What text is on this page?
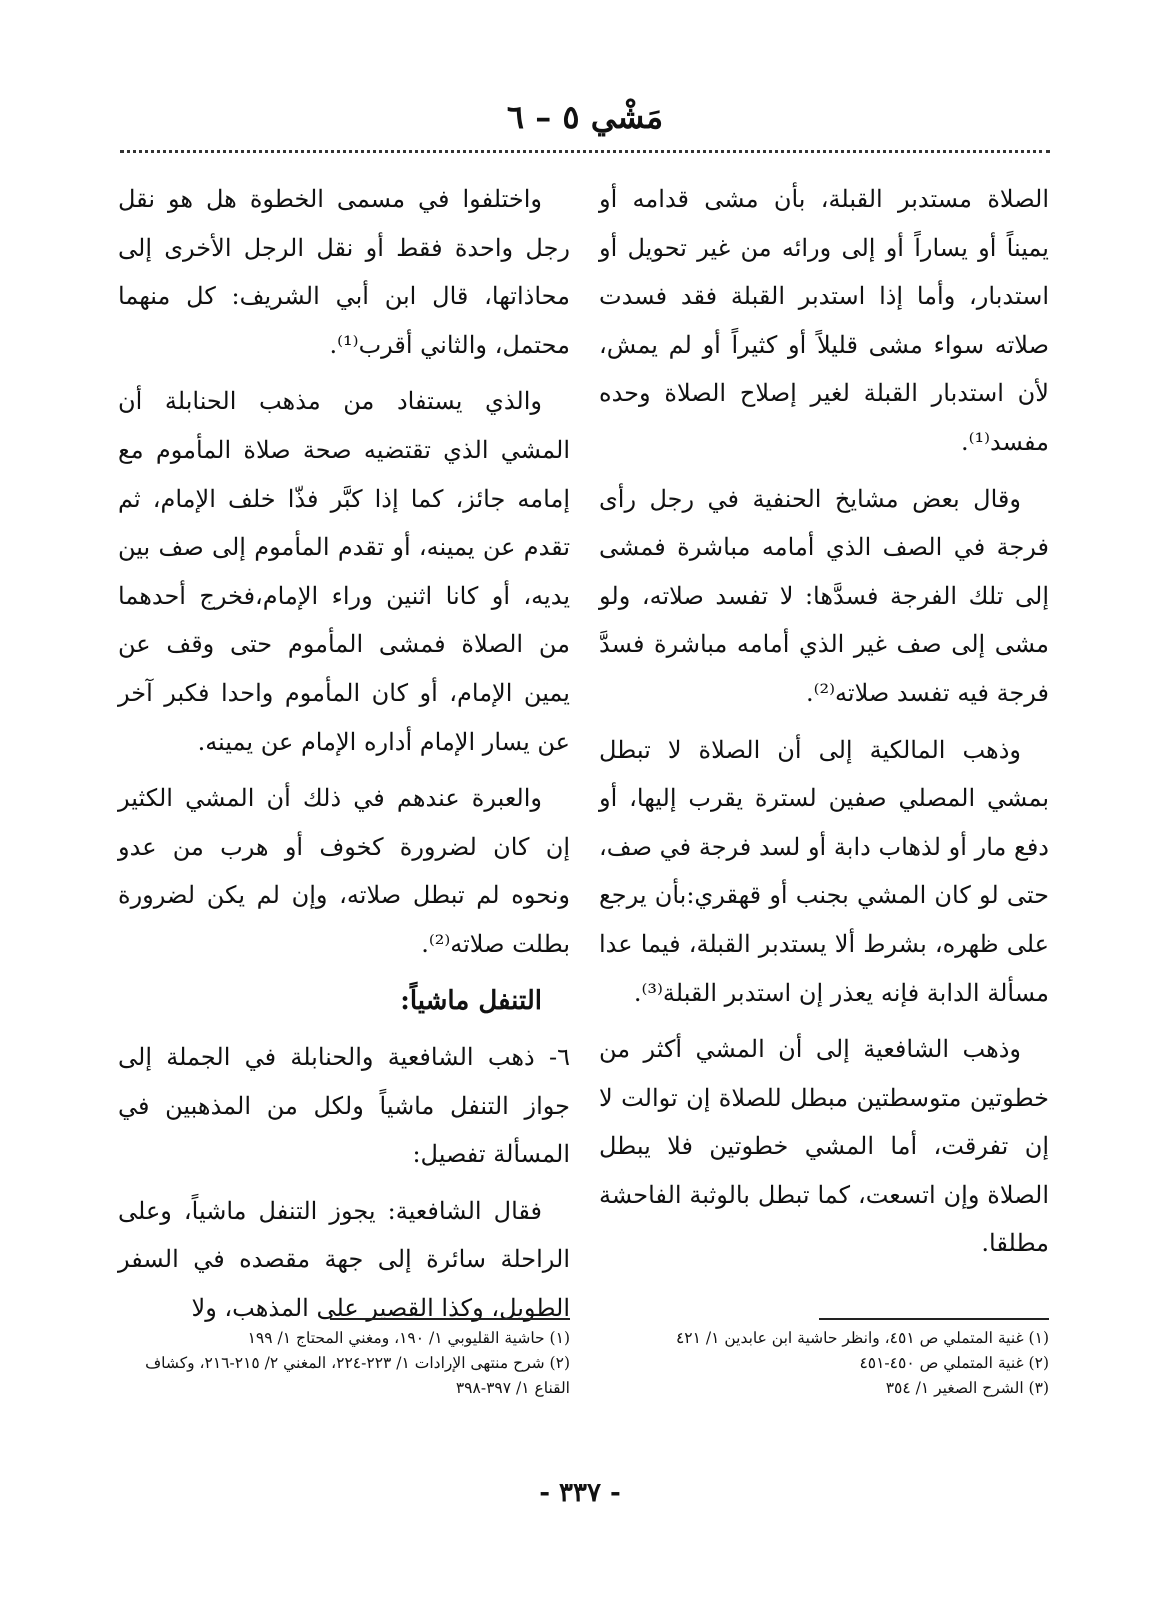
مَشْي ٥ – ٦

الصلاة مستدبر القبلة، بأن مشى قدامه أو يميناً أو يساراً أو إلى ورائه من غير تحويل أو استدبار، وأما إذا استدبر القبلة فقد فسدت صلاته سواء مشى قليلاً أو كثيراً أو لم يمش، لأن استدبار القبلة لغير إصلاح الصلاة وحده مفسد⁽¹⁾.

وقال بعض مشايخ الحنفية في رجل رأى فرجة في الصف الذي أمامه مباشرة فمشى إلى تلك الفرجة فسدَّها: لا تفسد صلاته، ولو مشى إلى صف غير الذي أمامه مباشرة فسدَّ فرجة فيه تفسد صلاته⁽²⁾.

وذهب المالكية إلى أن الصلاة لا تبطل بمشي المصلي صفين لسترة يقرب إليها، أو دفع مار أو لذهاب دابة أو لسد فرجة في صف، حتى لو كان المشي بجنب أو قهقري:بأن يرجع على ظهره، بشرط ألا يستدبر القبلة، فيما عدا مسألة الدابة فإنه يعذر إن استدبر القبلة⁽³⁾.

وذهب الشافعية إلى أن المشي أكثر من خطوتين متوسطتين مبطل للصلاة إن توالت لا إن تفرقت، أما المشي خطوتين فلا يبطل الصلاة وإن اتسعت، كما تبطل بالوثبة الفاحشة مطلقا.

واختلفوا في مسمى الخطوة هل هو نقل رجل واحدة فقط أو نقل الرجل الأخرى إلى محاذاتها، قال ابن أبي الشريف: كل منهما محتمل، والثاني أقرب⁽¹⁾.

والذي يستفاد من مذهب الحنابلة أن المشي الذي تقتضيه صحة صلاة المأموم مع إمامه جائز، كما إذا كبَّر فذّا خلف الإمام، ثم تقدم عن يمينه، أو تقدم المأموم إلى صف بين يديه، أو كانا اثنين وراء الإمام،فخرج أحدهما من الصلاة فمشى المأموم حتى وقف عن يمين الإمام، أو كان المأموم واحدا فكبر آخر عن يسار الإمام أداره الإمام عن يمينه.

والعبرة عندهم في ذلك أن المشي الكثير إن كان لضرورة كخوف أو هرب من عدو ونحوه لم تبطل صلاته، وإن لم يكن لضرورة بطلت صلاته⁽²⁾.

التنفل ماشياً:

٦- ذهب الشافعية والحنابلة في الجملة إلى جواز التنفل ماشياً ولكل من المذهبين في المسألة تفصيل:

فقال الشافعية: يجوز التنفل ماشياً، وعلى الراحلة سائرة إلى جهة مقصده في السفر الطويل، وكذا القصير على المذهب، ولا

(١) غنية المتملي ص ٤٥١، وانظر حاشية ابن عابدين ١/ ٤٢١
(٢) غنية المتملي ص ٤٥٠-٤٥١
(٣) الشرح الصغير ١/ ٣٥٤
(١) حاشية القليوبي ١/ ١٩٠، ومغني المحتاج ١/ ١٩٩
(٢) شرح منتهى الإرادات ١/ ٢٢٣-٢٢٤، المغني ٢/ ٢١٥-٢١٦، وكشاف القناع ١/ ٣٩٧-٣٩٨
- ٣٣٧ -
